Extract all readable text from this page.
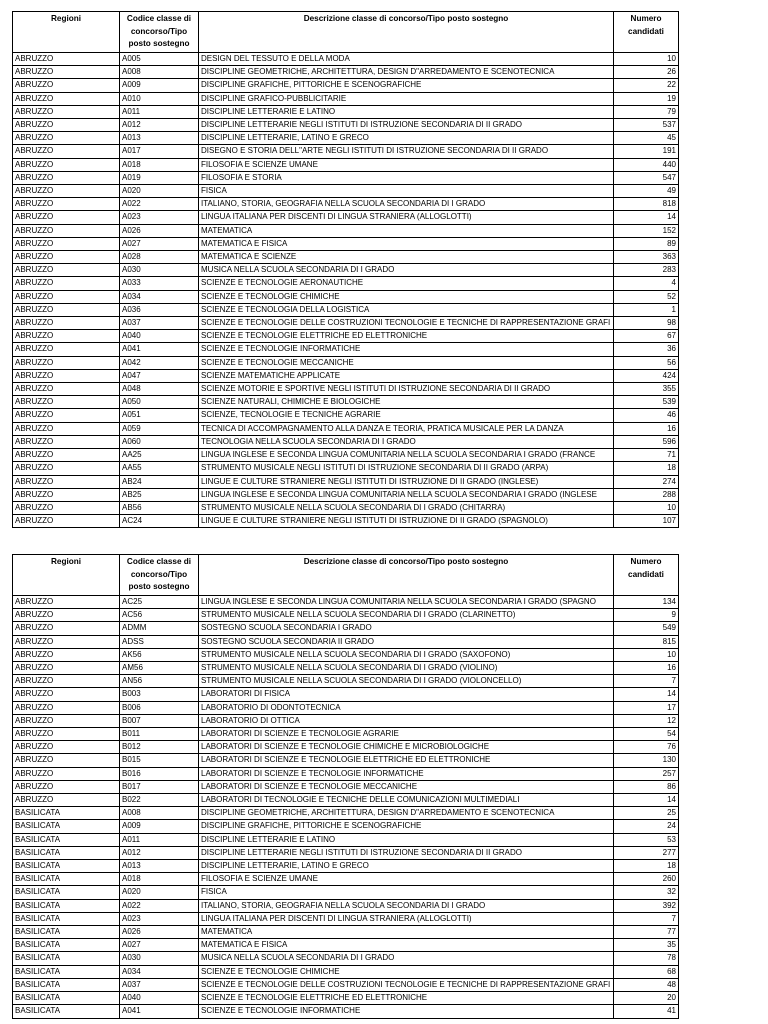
Regioni	Codice classe di concorso/Tipo posto sostegno	Descrizione classe di concorso/Tipo posto sostegno	Numero candidati
ABRUZZO	A005	DESIGN DEL TESSUTO E DELLA MODA	10
ABRUZZO	A008	DISCIPLINE GEOMETRICHE, ARCHITETTURA, DESIGN D"ARREDAMENTO E SCENOTECNICA	26
ABRUZZO	A009	DISCIPLINE GRAFICHE, PITTORICHE E SCENOGRAFICHE	22
ABRUZZO	A010	DISCIPLINE GRAFICO-PUBBLICITARIE	19
ABRUZZO	A011	DISCIPLINE LETTERARIE E LATINO	79
ABRUZZO	A012	DISCIPLINE LETTERARIE NEGLI ISTITUTI DI ISTRUZIONE SECONDARIA DI II GRADO	537
ABRUZZO	A013	DISCIPLINE LETTERARIE, LATINO E GRECO	45
ABRUZZO	A017	DISEGNO E STORIA DELL"ARTE NEGLI ISTITUTI DI ISTRUZIONE SECONDARIA DI II GRADO	191
ABRUZZO	A018	FILOSOFIA E SCIENZE UMANE	440
ABRUZZO	A019	FILOSOFIA E STORIA	547
ABRUZZO	A020	FISICA	49
ABRUZZO	A022	ITALIANO, STORIA, GEOGRAFIA NELLA SCUOLA SECONDARIA DI I GRADO	818
ABRUZZO	A023	LINGUA ITALIANA PER DISCENTI DI LINGUA STRANIERA (ALLOGLOTTI)	14
ABRUZZO	A026	MATEMATICA	152
ABRUZZO	A027	MATEMATICA E FISICA	89
ABRUZZO	A028	MATEMATICA E SCIENZE	363
ABRUZZO	A030	MUSICA NELLA SCUOLA SECONDARIA DI I GRADO	283
ABRUZZO	A033	SCIENZE E TECNOLOGIE AERONAUTICHE	4
ABRUZZO	A034	SCIENZE E TECNOLOGIE CHIMICHE	52
ABRUZZO	A036	SCIENZE E TECNOLOGIA DELLA LOGISTICA	1
ABRUZZO	A037	SCIENZE E TECNOLOGIE DELLE COSTRUZIONI TECNOLOGIE E TECNICHE DI RAPPRESENTAZIONE GRAFI	98
ABRUZZO	A040	SCIENZE E TECNOLOGIE ELETTRICHE ED ELETTRONICHE	67
ABRUZZO	A041	SCIENZE E TECNOLOGIE INFORMATICHE	36
ABRUZZO	A042	SCIENZE E TECNOLOGIE MECCANICHE	56
ABRUZZO	A047	SCIENZE MATEMATICHE APPLICATE	424
ABRUZZO	A048	SCIENZE MOTORIE E SPORTIVE NEGLI ISTITUTI DI ISTRUZIONE SECONDARIA DI II GRADO	355
ABRUZZO	A050	SCIENZE NATURALI, CHIMICHE E BIOLOGICHE	539
ABRUZZO	A051	SCIENZE, TECNOLOGIE E TECNICHE AGRARIE	46
ABRUZZO	A059	TECNICA DI ACCOMPAGNAMENTO ALLA DANZA E TEORIA, PRATICA MUSICALE PER LA DANZA	16
ABRUZZO	A060	TECNOLOGIA NELLA SCUOLA SECONDARIA DI I GRADO	596
ABRUZZO	AA25	LINGUA INGLESE E SECONDA LINGUA COMUNITARIA NELLA SCUOLA SECONDARIA I GRADO (FRANCE	71
ABRUZZO	AA55	STRUMENTO MUSICALE NEGLI ISTITUTI DI ISTRUZIONE SECONDARIA DI II GRADO (ARPA)	18
ABRUZZO	AB24	LINGUE E CULTURE STRANIERE NEGLI ISTITUTI DI ISTRUZIONE DI II GRADO (INGLESE)	274
ABRUZZO	AB25	LINGUA INGLESE E SECONDA LINGUA COMUNITARIA NELLA SCUOLA SECONDARIA I GRADO (INGLESE	288
ABRUZZO	AB56	STRUMENTO MUSICALE NELLA SCUOLA SECONDARIA DI I GRADO (CHITARRA)	10
ABRUZZO	AC24	LINGUE E CULTURE STRANIERE NEGLI ISTITUTI DI ISTRUZIONE DI II GRADO (SPAGNOLO)	107
Regioni	Codice classe di concorso/Tipo posto sostegno	Descrizione classe di concorso/Tipo posto sostegno	Numero candidati
ABRUZZO	AC25	LINGUA INGLESE E SECONDA LINGUA COMUNITARIA NELLA SCUOLA SECONDARIA I GRADO (SPAGNO	134
ABRUZZO	AC56	STRUMENTO MUSICALE NELLA SCUOLA SECONDARIA DI I GRADO (CLARINETTO)	9
ABRUZZO	ADMM	SOSTEGNO SCUOLA SECONDARIA I GRADO	549
ABRUZZO	ADSS	SOSTEGNO SCUOLA SECONDARIA II GRADO	815
ABRUZZO	AK56	STRUMENTO MUSICALE NELLA SCUOLA SECONDARIA DI I GRADO (SAXOFONO)	10
ABRUZZO	AM56	STRUMENTO MUSICALE NELLA SCUOLA SECONDARIA DI I GRADO (VIOLINO)	16
ABRUZZO	AN56	STRUMENTO MUSICALE NELLA SCUOLA SECONDARIA DI I GRADO (VIOLONCELLO)	7
ABRUZZO	B003	LABORATORI DI FISICA	14
ABRUZZO	B006	LABORATORIO DI ODONTOTECNICA	17
ABRUZZO	B007	LABORATORIO DI OTTICA	12
ABRUZZO	B011	LABORATORI DI SCIENZE E TECNOLOGIE AGRARIE	54
ABRUZZO	B012	LABORATORI DI SCIENZE E TECNOLOGIE CHIMICHE E MICROBIOLOGICHE	76
ABRUZZO	B015	LABORATORI DI SCIENZE E TECNOLOGIE ELETTRICHE ED ELETTRONICHE	130
ABRUZZO	B016	LABORATORI DI SCIENZE E TECNOLOGIE INFORMATICHE	257
ABRUZZO	B017	LABORATORI DI SCIENZE E TECNOLOGIE MECCANICHE	86
ABRUZZO	B022	LABORATORI DI TECNOLOGIE E TECNICHE DELLE COMUNICAZIONI MULTIMEDIALI	14
BASILICATA	A008	DISCIPLINE GEOMETRICHE, ARCHITETTURA, DESIGN D"ARREDAMENTO E SCENOTECNICA	25
BASILICATA	A009	DISCIPLINE GRAFICHE, PITTORICHE E SCENOGRAFICHE	24
BASILICATA	A011	DISCIPLINE LETTERARIE E LATINO	53
BASILICATA	A012	DISCIPLINE LETTERARIE NEGLI ISTITUTI DI ISTRUZIONE SECONDARIA DI II GRADO	277
BASILICATA	A013	DISCIPLINE LETTERARIE, LATINO E GRECO	18
BASILICATA	A018	FILOSOFIA E SCIENZE UMANE	260
BASILICATA	A020	FISICA	32
BASILICATA	A022	ITALIANO, STORIA, GEOGRAFIA NELLA SCUOLA SECONDARIA DI I GRADO	392
BASILICATA	A023	LINGUA ITALIANA PER DISCENTI DI LINGUA STRANIERA (ALLOGLOTTI)	7
BASILICATA	A026	MATEMATICA	77
BASILICATA	A027	MATEMATICA E FISICA	35
BASILICATA	A030	MUSICA NELLA SCUOLA SECONDARIA DI I GRADO	78
BASILICATA	A034	SCIENZE E TECNOLOGIE CHIMICHE	68
BASILICATA	A037	SCIENZE E TECNOLOGIE DELLE COSTRUZIONI TECNOLOGIE E TECNICHE DI RAPPRESENTAZIONE GRAFI	48
BASILICATA	A040	SCIENZE E TECNOLOGIE ELETTRICHE ED ELETTRONICHE	20
BASILICATA	A041	SCIENZE E TECNOLOGIE INFORMATICHE	41
